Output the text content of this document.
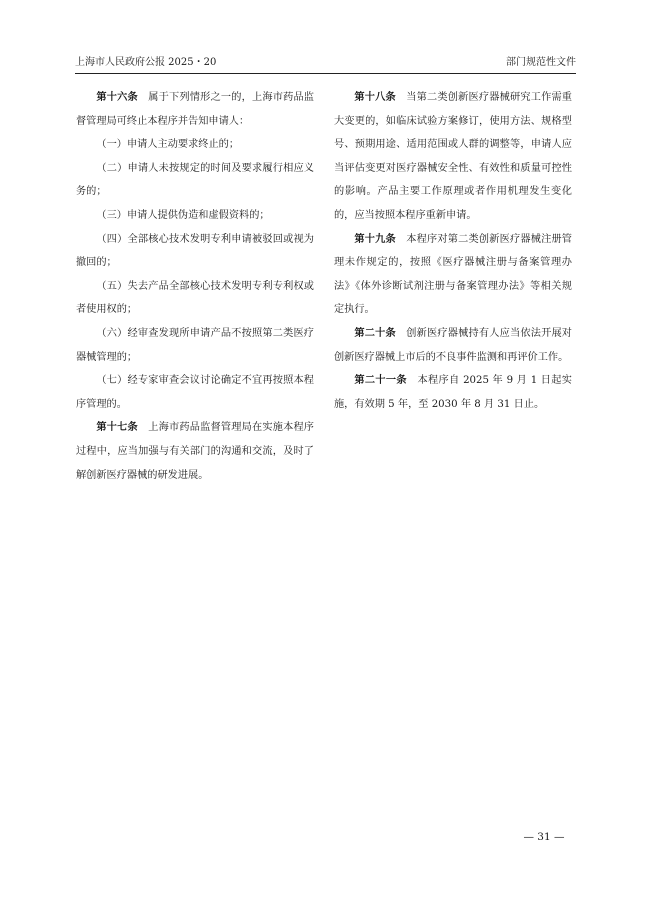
上海市人民政府公报 2025・20	部门规范性文件

第十六条　属于下列情形之一的，上海市药品监督管理局可终止本程序并告知申请人：

（一）申请人主动要求终止的；

（二）申请人未按规定的时间及要求履行相应义务的；

（三）申请人提供伪造和虚假资料的；

（四）全部核心技术发明专利申请被驳回或视为撤回的；

（五）失去产品全部核心技术发明专利专利权或者使用权的；

（六）经审查发现所申请产品不按照第二类医疗器械管理的；

（七）经专家审查会议讨论确定不宜再按照本程序管理的。

第十七条　上海市药品监督管理局在实施本程序过程中，应当加强与有关部门的沟通和交流，及时了解创新医疗器械的研发进展。

第十八条　当第二类创新医疗器械研究工作需重大变更的，如临床试验方案修订，使用方法、规格型号、预期用途、适用范围或人群的调整等，申请人应当评估变更对医疗器械安全性、有效性和质量可控性的影响。产品主要工作原理或者作用机理发生变化的，应当按照本程序重新申请。

第十九条　本程序对第二类创新医疗器械注册管理未作规定的，按照《医疗器械注册与备案管理办法》《体外诊断试剂注册与备案管理办法》等相关规定执行。

第二十条　创新医疗器械持有人应当依法开展对创新医疗器械上市后的不良事件监测和再评价工作。

第二十一条　本程序自 2025 年 9 月 1 日起实施，有效期 5 年，至 2030 年 8 月 31 日止。

— 31 —
